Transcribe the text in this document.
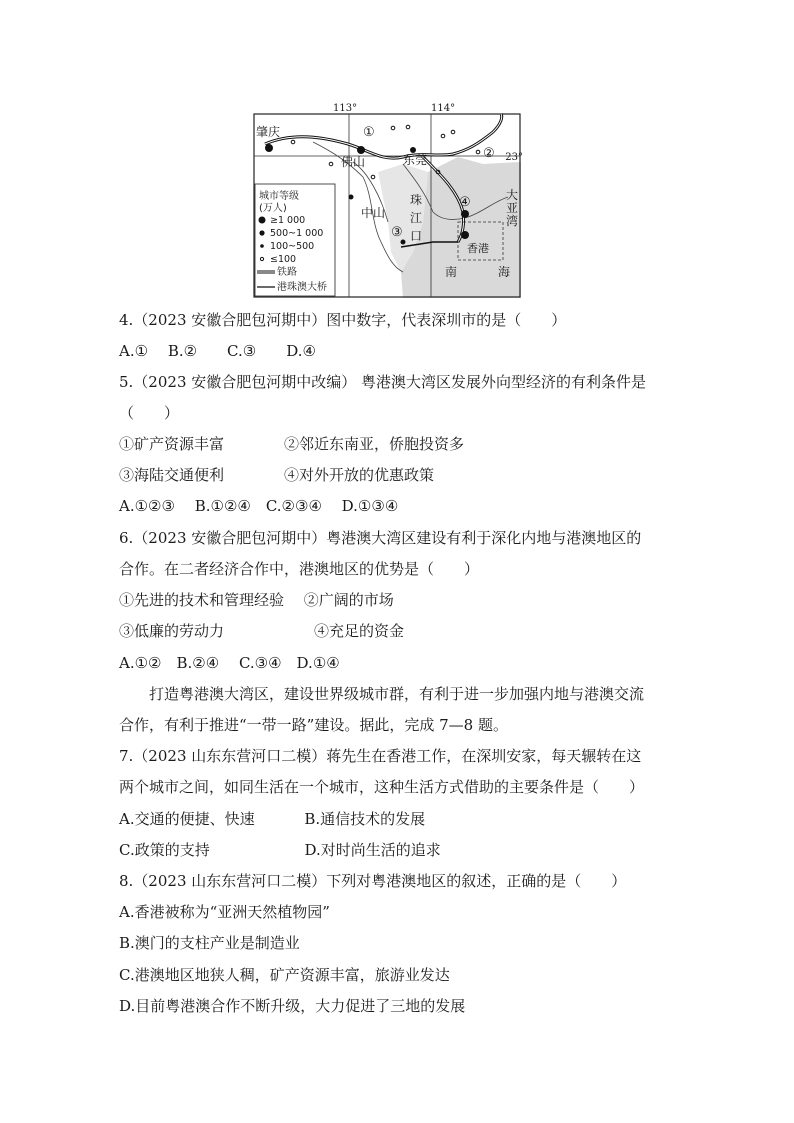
113°	114°
23°
肇庆
佛山	东莞
中山
香港
珠
江
口
南	海
大
亚
湾
①
②
③
④
城市等级
(万人)
≥1 000
500~1 000
100~500
≤100
铁路
港珠澳大桥
4.（2023 安徽合肥包河期中）图中数字，代表深圳市的是（　　）
A.①　 B.②　　C.③　　D.④
5.（2023 安徽合肥包河期中改编） 粤港澳大湾区发展外向型经济的有利条件是
（　　）
①矿产资源丰富　　　　②邻近东南亚，侨胞投资多
③海陆交通便利　　　　④对外开放的优惠政策
A.①②③　 B.①②④　C.②③④　 D.①③④
6.（2023 安徽合肥包河期中）粤港澳大湾区建设有利于深化内地与港澳地区的
合作。在二者经济合作中，港澳地区的优势是（　　）
①先进的技术和管理经验　 ②广阔的市场
③低廉的劳动力　　　　　　④充足的资金
A.①②　B.②④　 C.③④　D.①④
　　打造粤港澳大湾区，建设世界级城市群，有利于进一步加强内地与港澳交流
合作，有利于推进“一带一路”建设。据此，完成 7—8 题。
7.（2023 山东东营河口二模）蒋先生在香港工作，在深圳安家，每天辗转在这
两个城市之间，如同生活在一个城市，这种生活方式借助的主要条件是（　　）
A.交通的便捷、快速　　　 B.通信技术的发展
C.政策的支持　　　　　　 D.对时尚生活的追求
8.（2023 山东东营河口二模）下列对粤港澳地区的叙述，正确的是（　　）
A.香港被称为“亚洲天然植物园”
B.澳门的支柱产业是制造业
C.港澳地区地狭人稠，矿产资源丰富，旅游业发达
D.目前粤港澳合作不断升级，大力促进了三地的发展
